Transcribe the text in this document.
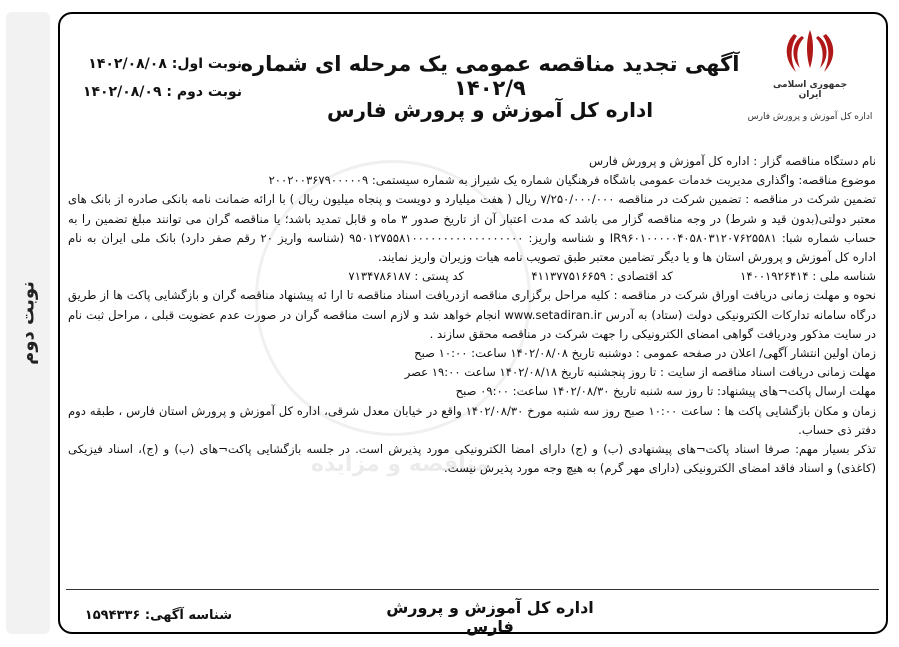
نوبت دوم
مناقصه و مزایده
جمهوری اسلامی ایران
اداره کل آموزش و پرورش فارس
آگهی تجدید مناقصه عمومی یک مرحله ای شماره ۱۴۰۲/۹
اداره کل آموزش و پرورش فارس
نوبت اول: ۱۴۰۲/۰۸/۰۸
نوبت دوم : ۱۴۰۲/۰۸/۰۹

نام دستگاه مناقصه گزار : اداره کل آموزش و پرورش فارس

موضوع مناقصه: واگذاری مدیریت خدمات عمومی باشگاه فرهنگیان شماره یک شیراز به شماره سیستمی: ۲۰۰۲۰۰۳۶۷۹۰۰۰۰۰۹

تضمین شرکت در مناقصه : تضمین شرکت در مناقصه ۷/۲۵۰/۰۰۰/۰۰۰ ریال ( هفت میلیارد و دویست و پنجاه میلیون ریال ) با ارائه ضمانت نامه بانکی صادره از بانک های معتبر دولتی(بدون قید و شرط) در وجه مناقصه گزار می باشد که مدت اعتبار آن از تاریخ صدور ۳ ماه و قابل تمدید باشد؛ یا مناقصه گران می توانند مبلغ تضمین را به حساب شماره شبا: IR۹۶۰۱۰۰۰۰۰۴۰۵۸۰۳۱۲۰۷۶۲۵۵۸۱ و شناسه واریز: ۹۵۰۱۲۷۵۵۸۱۰۰۰۰۰۰۰۰۰۰۰۰۰۰۰۰۰۰ (شناسه واریز ۲۰ رقم صفر دارد) بانک ملی ایران به نام اداره کل آموزش و پرورش استان ها و یا دیگر تضامین معتبر طبق تصویب نامه هیات وزیران واریز نمایند.

شناسه ملی : ۱۴۰۰۱۹۲۶۴۱۴  کد اقتصادی : ۴۱۱۳۷۷۵۱۶۶۵۹  کد پستی : ۷۱۳۴۷۸۶۱۸۷

نحوه و مهلت زمانی دریافت اوراق شرکت در مناقصه : کلیه مراحل برگزاری مناقصه ازدریافت اسناد مناقصه تا ارا ئه پیشنهاد مناقصه گران و بازگشایی پاکت ها از طریق درگاه سامانه تدارکات الکترونیکی دولت (ستاد) به آدرس www.setadiran.ir انجام خواهد شد و لازم است مناقصه گران در صورت عدم عضویت قبلی ، مراحل ثبت نام در سایت مذکور ودریافت گواهی امضای الکترونیکی را جهت شرکت در مناقصه محقق سازند .

زمان اولین انتشار آگهی/ اعلان در صفحه عمومی : دوشنبه تاریخ ۱۴۰۲/۰۸/۰۸ ساعت: ۱۰:۰۰ صبح

مهلت زمانی دریافت اسناد مناقصه از سایت : تا روز پنجشنبه تاریخ ۱۴۰۲/۰۸/۱۸ ساعت ۱۹:۰۰ عصر

مهلت ارسال پاکت¬های پیشنهاد: تا روز سه شنبه تاریخ ۱۴۰۲/۰۸/۳۰ ساعت: ۰۹:۰۰ صبح

زمان و مکان بازگشایی پاکت ها : ساعت ۱۰:۰۰ صبح روز سه شنبه مورخ ۱۴۰۲/۰۸/۳۰ واقع در خیابان معدل شرقی، اداره کل آموزش و پرورش استان فارس ، طبقه دوم دفتر ذی حساب.

تذکر بسیار مهم: صرفا اسناد پاکت¬های پیشنهادی (ب) و (ج) دارای امضا الکترونیکی مورد پذیرش است. در جلسه بازگشایی پاکت¬های (ب) و (ج)، اسناد فیزیکی (کاغذی) و اسناد فاقد امضای الکترونیکی (دارای مهر گرم) به هیچ وجه مورد پذیرش نیست.

اداره کل آموزش و پرورش فارس
شناسه آگهی: ۱۵۹۴۳۳۶
